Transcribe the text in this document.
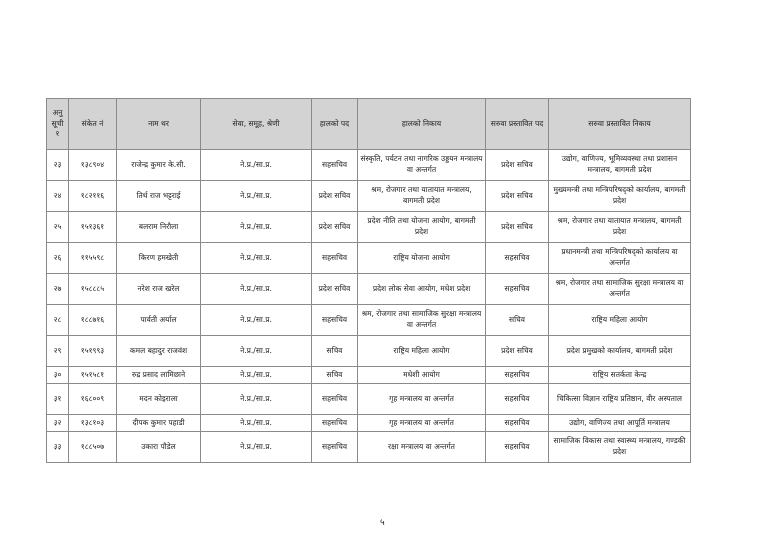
अनु सूची १	संकेत नं	नाम थर	सेवा, समूह, श्रेणी	हालको पद	हालको निकाय	सरुवा प्रस्तावित पद	सरुवा प्रस्तावित निकाय
२३	१३८९०४	राजेन्द्र कुमार के.सी.	ने.प्र./सा.प्र.	सहसचिव	संस्कृति, पर्यटन तथा नागरिक उड्डयन मन्त्रालय वा अन्तर्गत	प्रदेश सचिव	उद्योग, वाणिज्य, भूमिव्यवस्था तथा प्रशासन मन्त्रालय, बागमती प्रदेश
२४	१८२११६	तिर्थ राज भट्टराई	ने.प्र./सा.प्र.	प्रदेश सचिव	श्रम, रोजगार तथा यातायात मन्त्रालय, बागमती प्रदेश	प्रदेश सचिव	मुख्यमन्त्री तथा मन्त्रिपरिषद्को कार्यालय, बागमती प्रदेश
२५	१५१३६१	बलराम निरौला	ने.प्र./सा.प्र.	प्रदेश सचिव	प्रदेश नीति तथा योजना आयोग, बागमती प्रदेश	प्रदेश सचिव	श्रम, रोजगार तथा यातायात मन्त्रालय, बागमती प्रदेश
२६	११५५९८	किरण हमखेती	ने.प्र./सा.प्र.	सहसचिव	राष्ट्रिय योजना आयोग	सहसचिव	प्रधानमन्त्री तथा मन्त्रिपरिषद्को कार्यालय वा अन्तर्गत
२७	१५८८८५	नरेश राज खरेल	ने.प्र./सा.प्र.	प्रदेश सचिव	प्रदेश लोक सेवा आयोग, मधेश प्रदेश	सहसचिव	श्रम, रोजगार तथा सामाजिक सुरक्षा मन्त्रालय वा अन्तर्गत
२८	१८८७१६	पार्वती अर्याल	ने.प्र./सा.प्र.	सहसचिव	श्रम, रोजगार तथा सामाजिक सुरक्षा मन्त्रालय वा अन्तर्गत	सचिव	राष्ट्रिय महिला आयोग
२९	१५१९९३	कमल बहादुर राजवंश	ने.प्र./सा.प्र.	सचिव	राष्ट्रिय महिला आयोग	प्रदेश सचिव	प्रदेश प्रमुखको कार्यालय, बागमती प्रदेश
३०	१५१५८१	रुद्र प्रसाद लामिछाने	ने.प्र./सा.प्र.	सचिव	मधेशी आयोग	सहसचिव	राष्ट्रिय सतर्कता केन्द्र
३१	१६८००९	मदन कोइराला	ने.प्र./सा.प्र.	सहसचिव	गृह मन्त्रालय वा अन्तर्गत	सहसचिव	चिकित्सा विज्ञान राष्ट्रिय प्रतिष्ठान, वीर अस्पताल
३२	१३८१०३	दीपक कुमार पहाडी	ने.प्र./सा.प्र.	सहसचिव	गृह मन्त्रालय वा अन्तर्गत	सहसचिव	उद्योग, वाणिज्य तथा आपूर्ति मन्त्रालय
३३	१८८५०७	उकारा पौडेल	ने.प्र./सा.प्र.	सहसचिव	रक्षा मन्त्रालय वा अन्तर्गत	सहसचिव	सामाजिक विकास तथा स्वास्थ्य मन्त्रालय, गण्डकी प्रदेश
५
